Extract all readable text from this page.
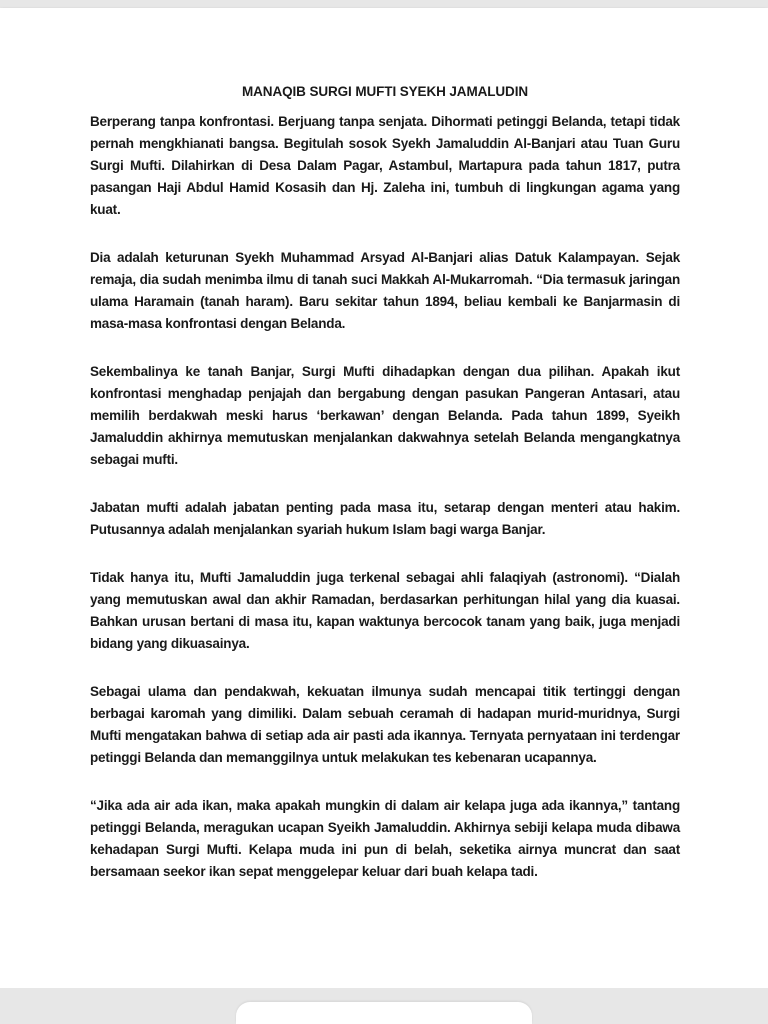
MANAQIB SURGI MUFTI SYEKH JAMALUDIN

Berperang tanpa konfrontasi. Berjuang tanpa senjata. Dihormati petinggi Belanda, tetapi tidak pernah mengkhianati bangsa. Begitulah sosok Syekh Jamaluddin Al-Banjari atau Tuan Guru Surgi Mufti. Dilahirkan di Desa Dalam Pagar, Astambul, Martapura pada tahun 1817, putra pasangan Haji Abdul Hamid Kosasih dan Hj. Zaleha ini, tumbuh di lingkungan agama yang kuat.

Dia adalah keturunan Syekh Muhammad Arsyad Al-Banjari alias Datuk Kalampayan. Sejak remaja, dia sudah menimba ilmu di tanah suci Makkah Al-Mukarromah. “Dia termasuk jaringan ulama Haramain (tanah haram). Baru sekitar tahun 1894, beliau kembali ke Banjarmasin di masa-masa konfrontasi dengan Belanda.

Sekembalinya ke tanah Banjar, Surgi Mufti dihadapkan dengan dua pilihan. Apakah ikut konfrontasi menghadap penjajah dan bergabung dengan pasukan Pangeran Antasari, atau memilih berdakwah meski harus ‘berkawan’ dengan Belanda. Pada tahun 1899, Syeikh Jamaluddin akhirnya memutuskan menjalankan dakwahnya setelah Belanda mengangkatnya sebagai mufti.

Jabatan mufti adalah jabatan penting pada masa itu, setarap dengan menteri atau hakim. Putusannya adalah menjalankan syariah hukum Islam bagi warga Banjar.

Tidak hanya itu, Mufti Jamaluddin juga terkenal sebagai ahli falaqiyah (astronomi). “Dialah yang memutuskan awal dan akhir Ramadan, berdasarkan perhitungan hilal yang dia kuasai. Bahkan urusan bertani di masa itu, kapan waktunya bercocok tanam yang baik, juga menjadi bidang yang dikuasainya.

Sebagai ulama dan pendakwah, kekuatan ilmunya sudah mencapai titik tertinggi dengan berbagai karomah yang dimiliki. Dalam sebuah ceramah di hadapan murid-muridnya, Surgi Mufti mengatakan bahwa di setiap ada air pasti ada ikannya. Ternyata pernyataan ini terdengar petinggi Belanda dan memanggilnya untuk melakukan tes kebenaran ucapannya.

“Jika ada air ada ikan, maka apakah mungkin di dalam air kelapa juga ada ikannya,” tantang petinggi Belanda, meragukan ucapan Syeikh Jamaluddin. Akhirnya sebiji kelapa muda dibawa kehadapan Surgi Mufti. Kelapa muda ini pun di belah, seketika airnya muncrat dan saat bersamaan seekor ikan sepat menggelepar keluar dari buah kelapa tadi.
